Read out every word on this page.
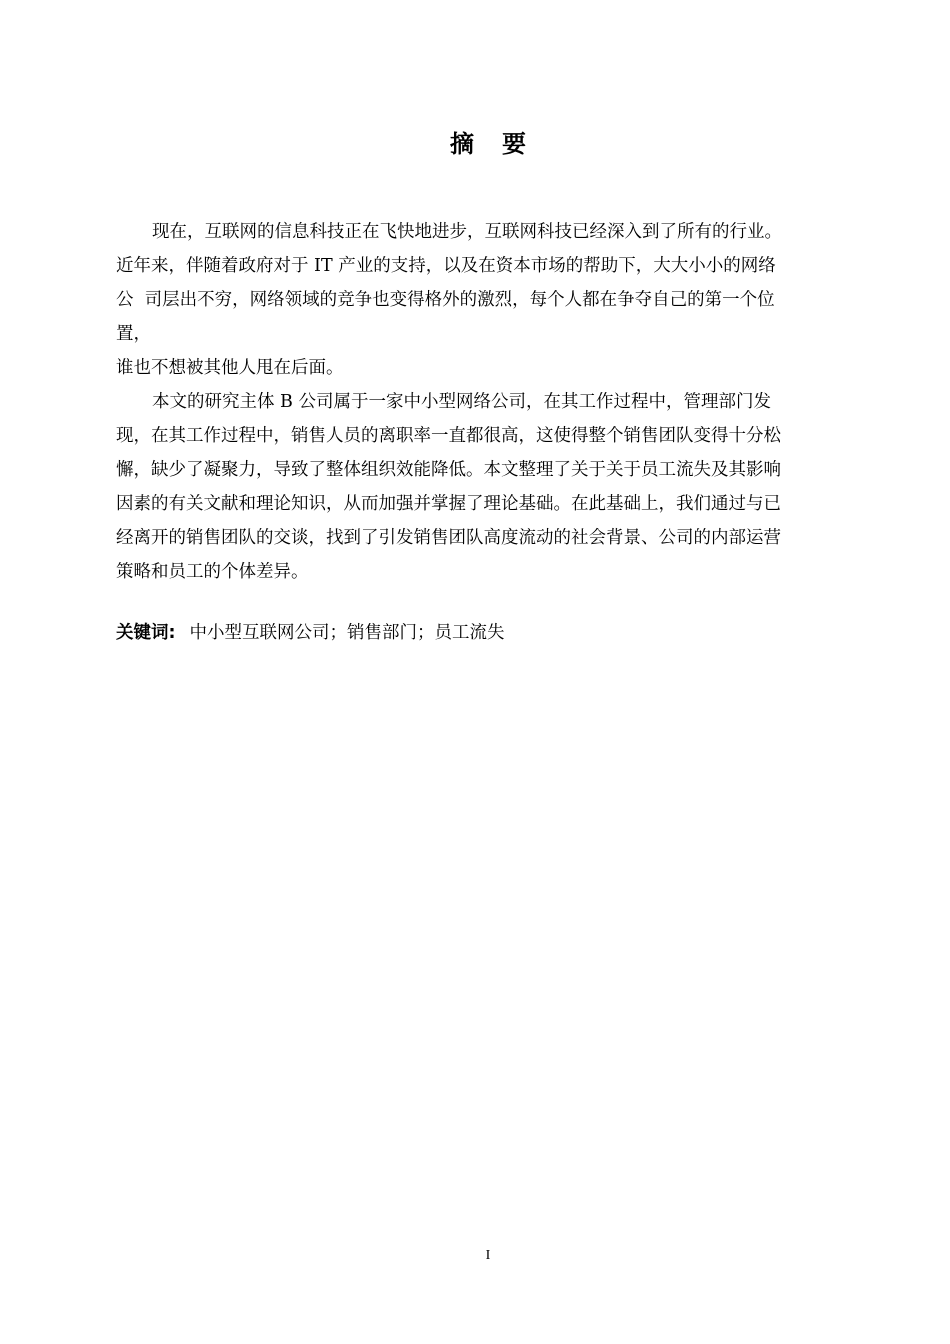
摘 要
现在，互联网的信息科技正在飞快地进步，互联网科技已经深入到了所有的行业。
近年来，伴随着政府对于 IT 产业的支持，以及在资本市场的帮助下，大大小小的网络
公  司层出不穷，网络领域的竞争也变得格外的激烈，每个人都在争夺自己的第一个位
置，
谁也不想被其他人甩在后面。
本文的研究主体 B 公司属于一家中小型网络公司，在其工作过程中，管理部门发
现，在其工作过程中，销售人员的离职率一直都很高，这使得整个销售团队变得十分松
懈，缺少了凝聚力，导致了整体组织效能降低。本文整理了关于关于员工流失及其影响
因素的有关文献和理论知识，从而加强并掌握了理论基础。在此基础上，我们通过与已
经离开的销售团队的交谈，找到了引发销售团队高度流动的社会背景、公司的内部运营
策略和员工的个体差异。
关键词: 中小型互联网公司；销售部门；员工流失
I
